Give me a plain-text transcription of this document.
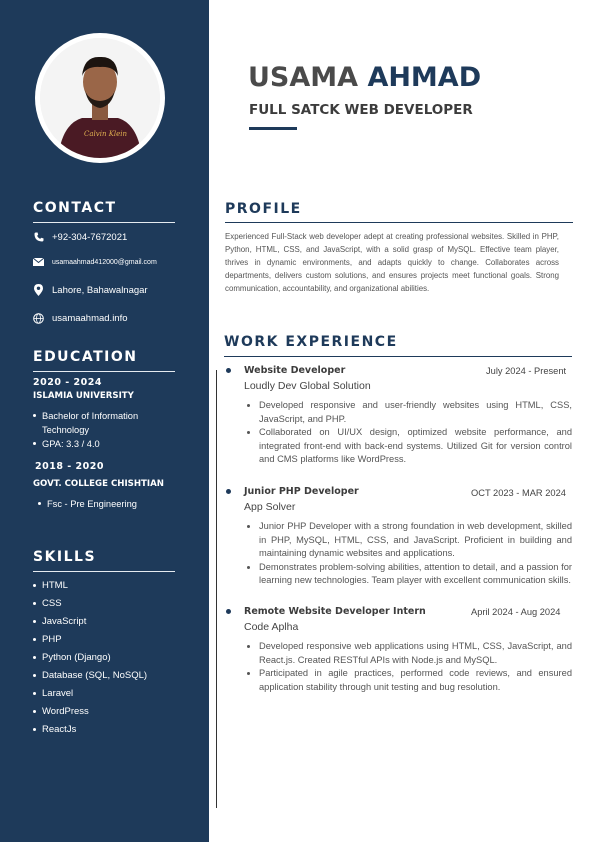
Calvin Klein
CONTACT
+92-304-7672021
usamaahmad412000@gmail.com
Lahore, Bahawalnagar
usamaahmad.info
EDUCATION
2020 - 2024
ISLAMIA UNIVERSITY
Bachelor of Information Technology
GPA: 3.3 / 4.0
2018 - 2020
GOVT. COLLEGE CHISHTIAN
Fsc - Pre Engineering
SKILLS
HTML
CSS
JavaScript
PHP
Python (Django)
Database (SQL, NoSQL)
Laravel
WordPress
ReactJs
USAMA AHMAD
FULL SATCK WEB DEVELOPER
PROFILE
Experienced Full-Stack web developer adept at creating professional websites. Skilled in PHP, Python, HTML, CSS, and JavaScript, with a solid grasp of MySQL. Effective team player, thrives in dynamic environments, and adapts quickly to change. Collaborates across departments, delivers custom solutions, and ensures projects meet functional goals. Strong communication, accountability, and organizational abilities.
WORK EXPERIENCE
Website Developer	July 2024 - Present
Loudly Dev Global Solution
Developed responsive and user-friendly websites using HTML, CSS, JavaScript, and PHP.
Collaborated on UI/UX design, optimized website performance, and integrated front-end with back-end systems. Utilized Git for version control and CMS platforms like WordPress.
Junior PHP Developer	OCT 2023 - MAR 2024
App Solver
Junior PHP Developer with a strong foundation in web development, skilled in PHP, MySQL, HTML, CSS, and JavaScript. Proficient in building and maintaining dynamic websites and applications.
Demonstrates problem-solving abilities, attention to detail, and a passion for learning new technologies. Team player with excellent communication skills.
Remote Website Developer Intern	April 2024 - Aug 2024
Code Aplha
Developed responsive web applications using HTML, CSS, JavaScript, and React.js. Created RESTful APIs with Node.js and MySQL.
Participated in agile practices, performed code reviews, and ensured application stability through unit testing and bug resolution.
